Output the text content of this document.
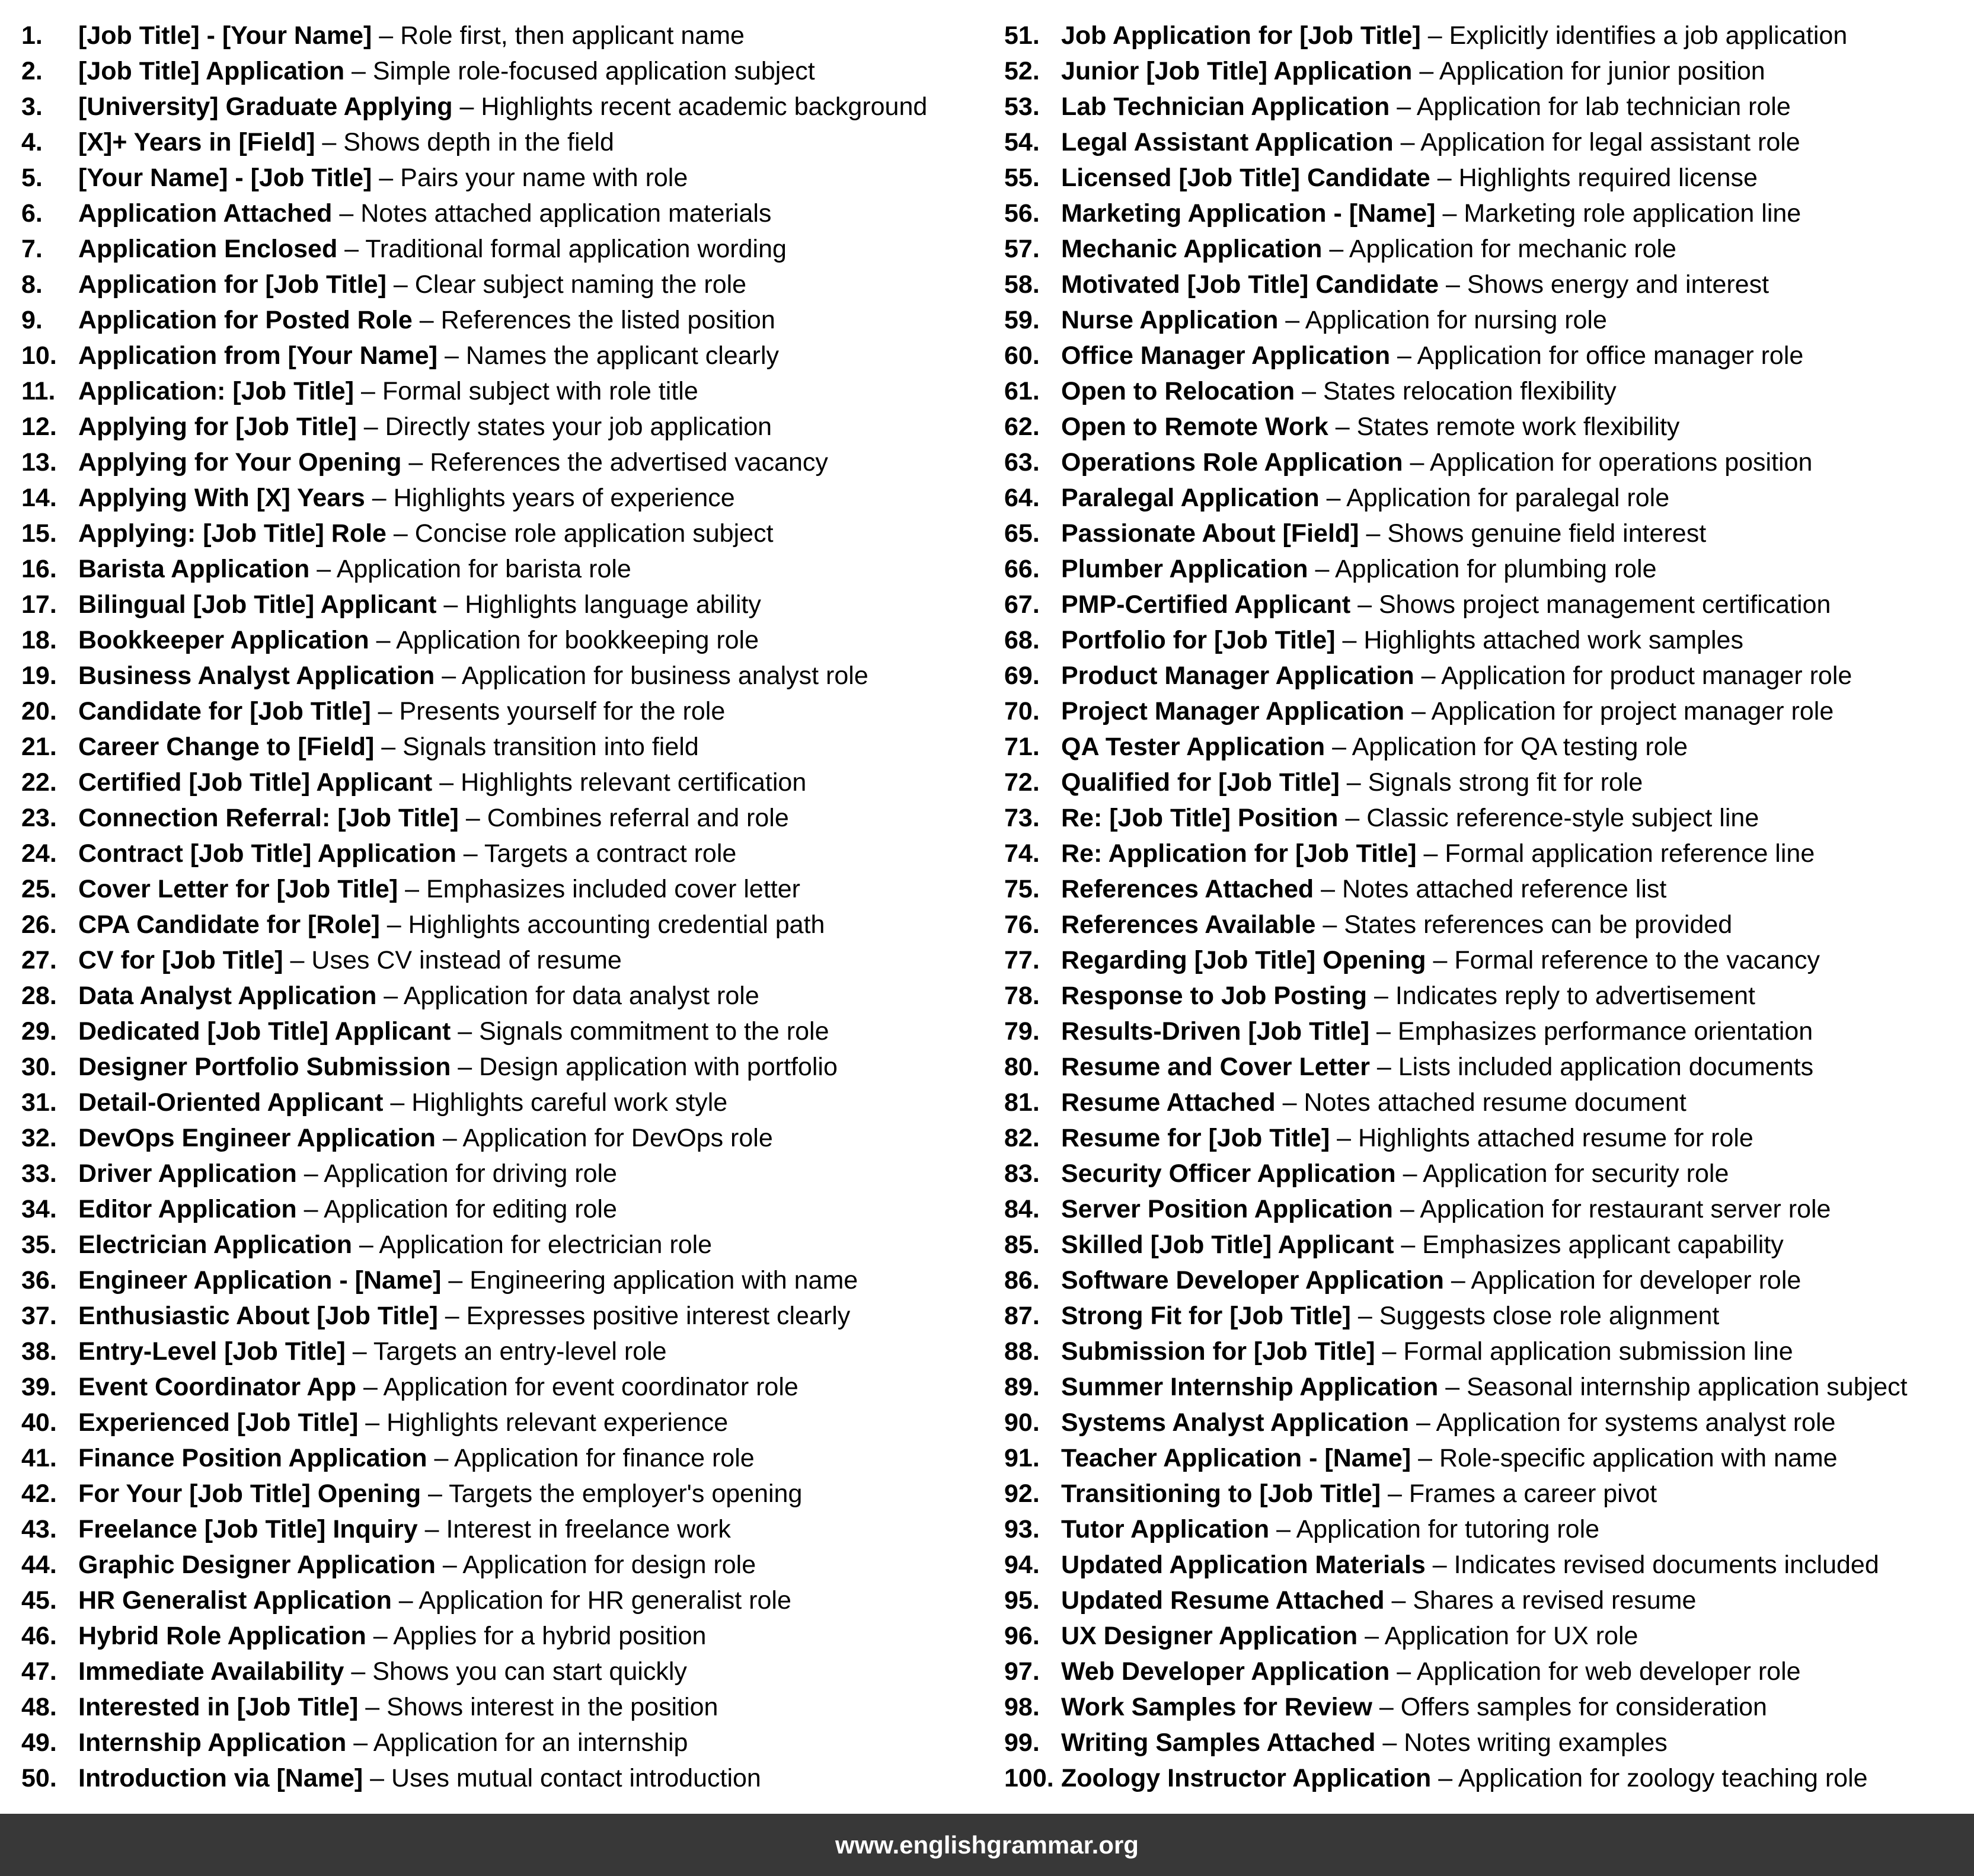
1. [Job Title] - [Your Name] – Role first, then applicant name
2. [Job Title] Application – Simple role-focused application subject
3. [University] Graduate Applying – Highlights recent academic background
4. [X]+ Years in [Field] – Shows depth in the field
5. [Your Name] - [Job Title] – Pairs your name with role
6. Application Attached – Notes attached application materials
7. Application Enclosed – Traditional formal application wording
8. Application for [Job Title] – Clear subject naming the role
9. Application for Posted Role – References the listed position
10. Application from [Your Name] – Names the applicant clearly
11. Application: [Job Title] – Formal subject with role title
12. Applying for [Job Title] – Directly states your job application
13. Applying for Your Opening – References the advertised vacancy
14. Applying With [X] Years – Highlights years of experience
15. Applying: [Job Title] Role – Concise role application subject
16. Barista Application – Application for barista role
17. Bilingual [Job Title] Applicant – Highlights language ability
18. Bookkeeper Application – Application for bookkeeping role
19. Business Analyst Application – Application for business analyst role
20. Candidate for [Job Title] – Presents yourself for the role
21. Career Change to [Field] – Signals transition into field
22. Certified [Job Title] Applicant – Highlights relevant certification
23. Connection Referral: [Job Title] – Combines referral and role
24. Contract [Job Title] Application – Targets a contract role
25. Cover Letter for [Job Title] – Emphasizes included cover letter
26. CPA Candidate for [Role] – Highlights accounting credential path
27. CV for [Job Title] – Uses CV instead of resume
28. Data Analyst Application – Application for data analyst role
29. Dedicated [Job Title] Applicant – Signals commitment to the role
30. Designer Portfolio Submission – Design application with portfolio
31. Detail-Oriented Applicant – Highlights careful work style
32. DevOps Engineer Application – Application for DevOps role
33. Driver Application – Application for driving role
34. Editor Application – Application for editing role
35. Electrician Application – Application for electrician role
36. Engineer Application - [Name] – Engineering application with name
37. Enthusiastic About [Job Title] – Expresses positive interest clearly
38. Entry-Level [Job Title] – Targets an entry-level role
39. Event Coordinator App – Application for event coordinator role
40. Experienced [Job Title] – Highlights relevant experience
41. Finance Position Application – Application for finance role
42. For Your [Job Title] Opening – Targets the employer's opening
43. Freelance [Job Title] Inquiry – Interest in freelance work
44. Graphic Designer Application – Application for design role
45. HR Generalist Application – Application for HR generalist role
46. Hybrid Role Application – Applies for a hybrid position
47. Immediate Availability – Shows you can start quickly
48. Interested in [Job Title] – Shows interest in the position
49. Internship Application – Application for an internship
50. Introduction via [Name] – Uses mutual contact introduction
51. Job Application for [Job Title] – Explicitly identifies a job application
52. Junior [Job Title] Application – Application for junior position
53. Lab Technician Application – Application for lab technician role
54. Legal Assistant Application – Application for legal assistant role
55. Licensed [Job Title] Candidate – Highlights required license
56. Marketing Application - [Name] – Marketing role application line
57. Mechanic Application – Application for mechanic role
58. Motivated [Job Title] Candidate – Shows energy and interest
59. Nurse Application – Application for nursing role
60. Office Manager Application – Application for office manager role
61. Open to Relocation – States relocation flexibility
62. Open to Remote Work – States remote work flexibility
63. Operations Role Application – Application for operations position
64. Paralegal Application – Application for paralegal role
65. Passionate About [Field] – Shows genuine field interest
66. Plumber Application – Application for plumbing role
67. PMP-Certified Applicant – Shows project management certification
68. Portfolio for [Job Title] – Highlights attached work samples
69. Product Manager Application – Application for product manager role
70. Project Manager Application – Application for project manager role
71. QA Tester Application – Application for QA testing role
72. Qualified for [Job Title] – Signals strong fit for role
73. Re: [Job Title] Position – Classic reference-style subject line
74. Re: Application for [Job Title] – Formal application reference line
75. References Attached – Notes attached reference list
76. References Available – States references can be provided
77. Regarding [Job Title] Opening – Formal reference to the vacancy
78. Response to Job Posting – Indicates reply to advertisement
79. Results-Driven [Job Title] – Emphasizes performance orientation
80. Resume and Cover Letter – Lists included application documents
81. Resume Attached – Notes attached resume document
82. Resume for [Job Title] – Highlights attached resume for role
83. Security Officer Application – Application for security role
84. Server Position Application – Application for restaurant server role
85. Skilled [Job Title] Applicant – Emphasizes applicant capability
86. Software Developer Application – Application for developer role
87. Strong Fit for [Job Title] – Suggests close role alignment
88. Submission for [Job Title] – Formal application submission line
89. Summer Internship Application – Seasonal internship application subject
90. Systems Analyst Application – Application for systems analyst role
91. Teacher Application - [Name] – Role-specific application with name
92. Transitioning to [Job Title] – Frames a career pivot
93. Tutor Application – Application for tutoring role
94. Updated Application Materials – Indicates revised documents included
95. Updated Resume Attached – Shares a revised resume
96. UX Designer Application – Application for UX role
97. Web Developer Application – Application for web developer role
98. Work Samples for Review – Offers samples for consideration
99. Writing Samples Attached – Notes writing examples
100. Zoology Instructor Application – Application for zoology teaching role
www.englishgrammar.org
